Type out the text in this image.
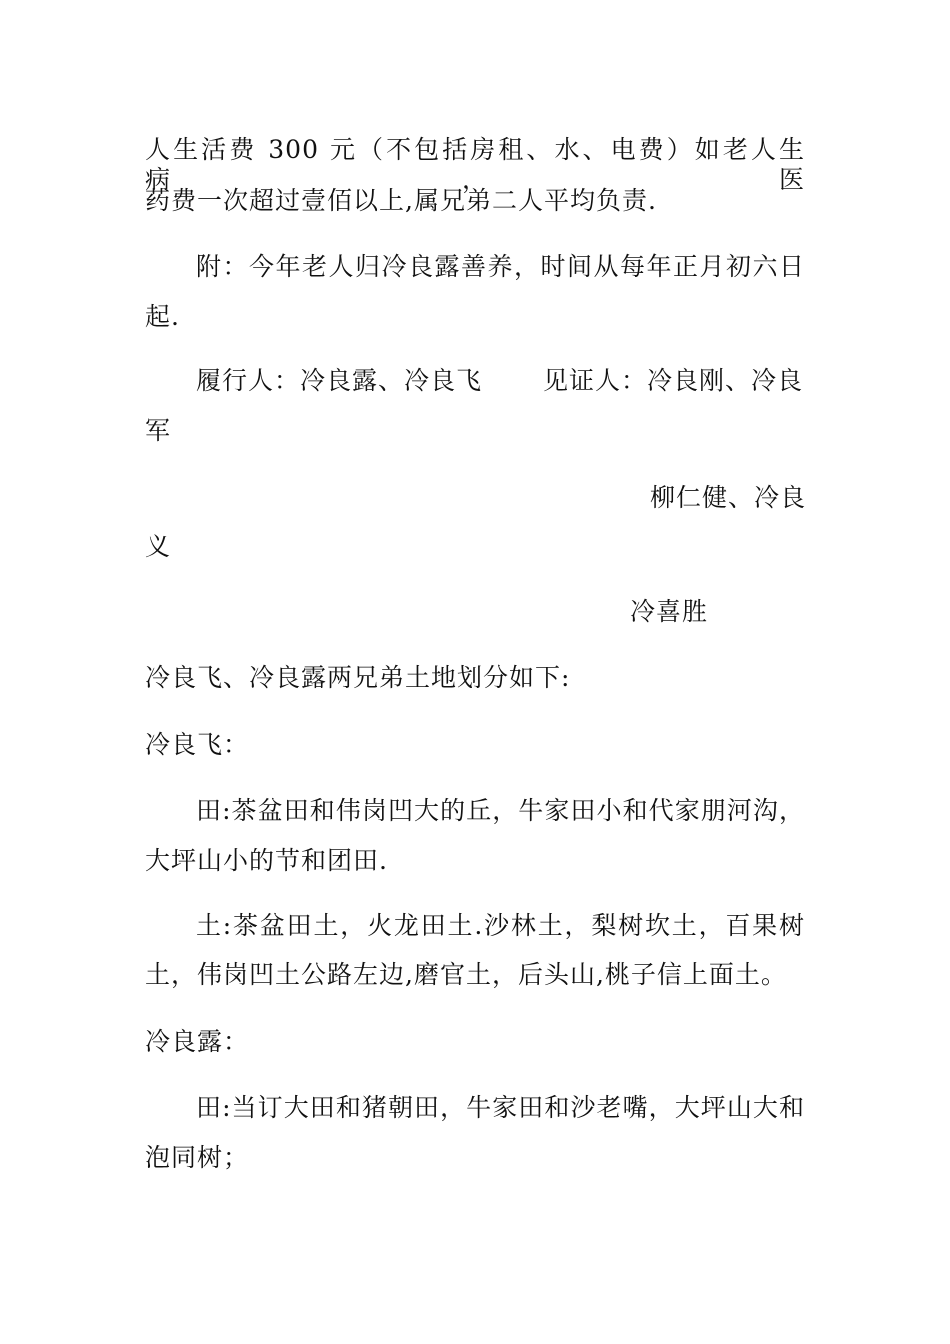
人生活费 300 元（不包括房租、水、电费）如老人生病，医
药费一次超过壹佰以上,属兄弟二人平均负责.
附：今年老人归冷良露善养，时间从每年正月初六日
起.
履行人：冷良露、冷良飞 见证人：冷良刚、冷良
军
柳仁健、冷良
义
冷喜胜
冷良飞、冷良露两兄弟土地划分如下:
冷良飞：
田:茶盆田和伟岗凹大的丘，牛家田小和代家朋河沟，
大坪山小的节和团田.
土:茶盆田土，火龙田土.沙林土，梨树坎土，百果树
土，伟岗凹土公路左边,磨官土，后头山,桃子信上面土。
冷良露：
田:当订大田和猪朝田，牛家田和沙老嘴，大坪山大和
泡同树；
